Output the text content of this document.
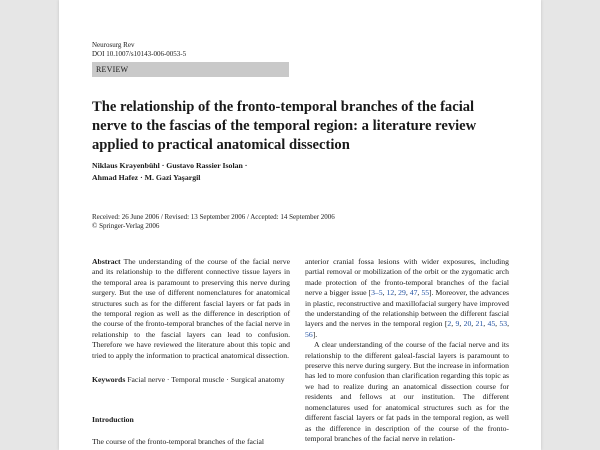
Neurosurg Rev
DOI 10.1007/s10143-006-0053-5
REVIEW
The relationship of the fronto-temporal branches of the facial
nerve to the fascias of the temporal region: a literature review
applied to practical anatomical dissection
Niklaus Krayenbühl · Gustavo Rassier Isolan ·
Ahmad Hafez · M. Gazi Yaşargil
Received: 26 June 2006 / Revised: 13 September 2006 / Accepted: 14 September 2006
© Springer-Verlag 2006

Abstract The understanding of the course of the facial nerve and its relationship to the different connective tissue layers in the temporal area is paramount to preserving this nerve during surgery. But the use of different nomenclatures for anatomical structures such as for the different fascial layers or fat pads in the temporal region as well as the difference in description of the course of the fronto-temporal branches of the facial nerve in relationship to the fascial layers can lead to confusion. Therefore we have reviewed the literature about this topic and tried to apply the information to practical anatomical dissection.

Keywords Facial nerve · Temporal muscle · Surgical anatomy

Introduction

The course of the fronto-temporal branches of the facial

anterior cranial fossa lesions with wider exposures, including partial removal or mobilization of the orbit or the zygomatic arch made protection of the fronto-temporal branches of the facial nerve a bigger issue [3–5, 12, 29, 47, 55]. Moreover, the advances in plastic, reconstructive and maxillofacial surgery have improved the understanding of the relationship between the different fascial layers and the nerves in the temporal region [2, 9, 20, 21, 45, 53, 56].

A clear understanding of the course of the facial nerve and its relationship to the different galeal-fascial layers is paramount to preserve this nerve during surgery. But the increase in information has led to more confusion than clarification regarding this topic as we had to realize during an anatomical dissection course for residents and fellows at our institution. The different nomenclatures used for anatomical structures such as for the different fascial layers or fat pads in the temporal region, as well as the difference in description of the course of the fronto-temporal branches of the facial nerve in relation-
